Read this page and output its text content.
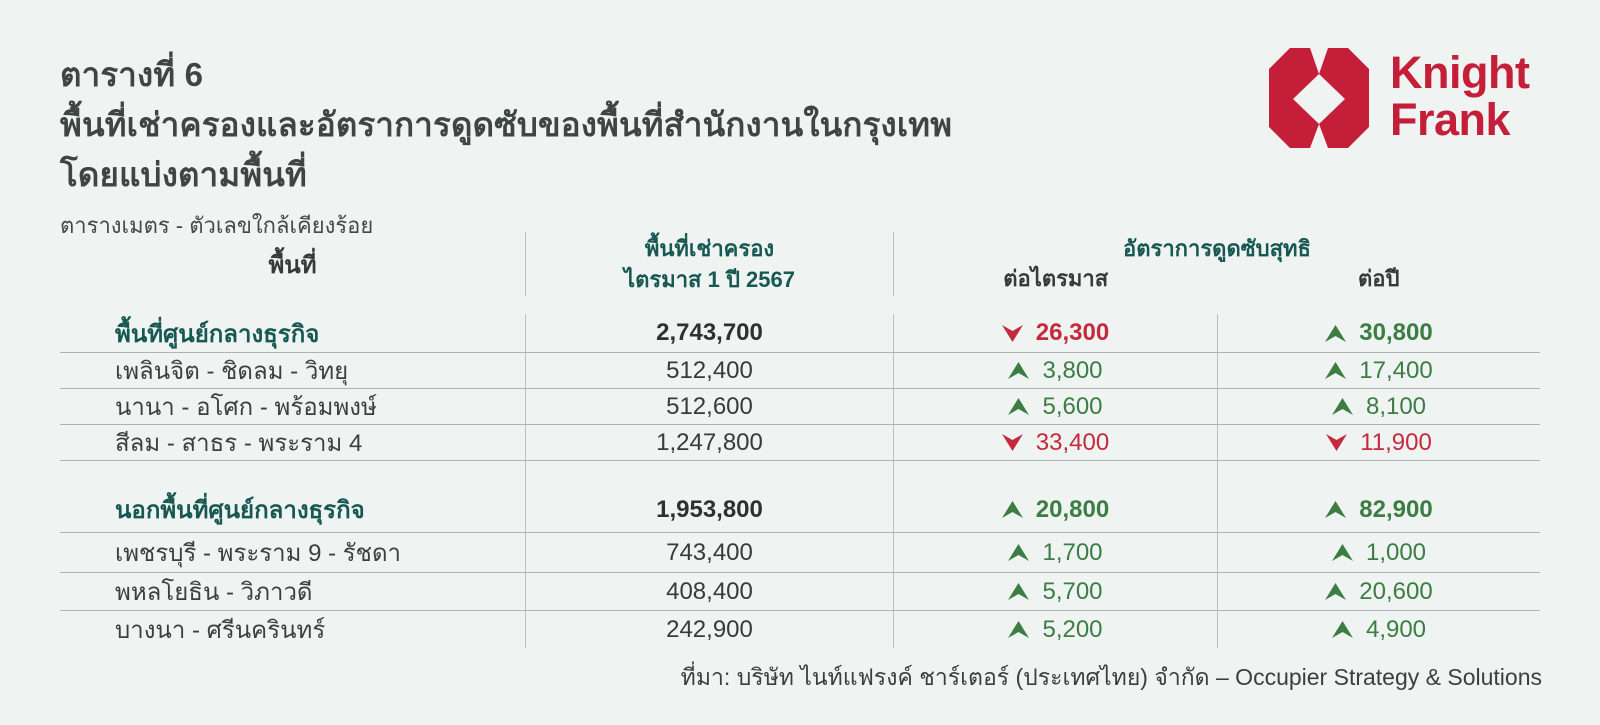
ตารางที่ 6
พื้นที่เช่าครองและอัตราการดูดซับของพื้นที่สำนักงานในกรุงเทพ
โดยแบ่งตามพื้นที่
ตารางเมตร - ตัวเลขใกล้เคียงร้อย
Knight
Frank
พื้นที่
พื้นที่เช่าครอง
ไตรมาส 1 ปี 2567
อัตราการดูดซับสุทธิ
ต่อไตรมาส	ต่อปี
พื้นที่ศูนย์กลางธุรกิจ	2,743,700	26,300	30,800
เพลินจิต - ชิดลม - วิทยุ	512,400	3,800	17,400
นานา - อโศก - พร้อมพงษ์	512,600	5,600	8,100
สีลม - สาธร - พระราม 4	1,247,800	33,400	11,900
นอกพื้นที่ศูนย์กลางธุรกิจ	1,953,800	20,800	82,900
เพชรบุรี - พระราม 9 - รัชดา	743,400	1,700	1,000
พหลโยธิน - วิภาวดี	408,400	5,700	20,600
บางนา - ศรีนครินทร์	242,900	5,200	4,900
ที่มา: บริษัท ไนท์แฟรงค์ ชาร์เตอร์ (ประเทศไทย) จำกัด – Occupier Strategy & Solutions
